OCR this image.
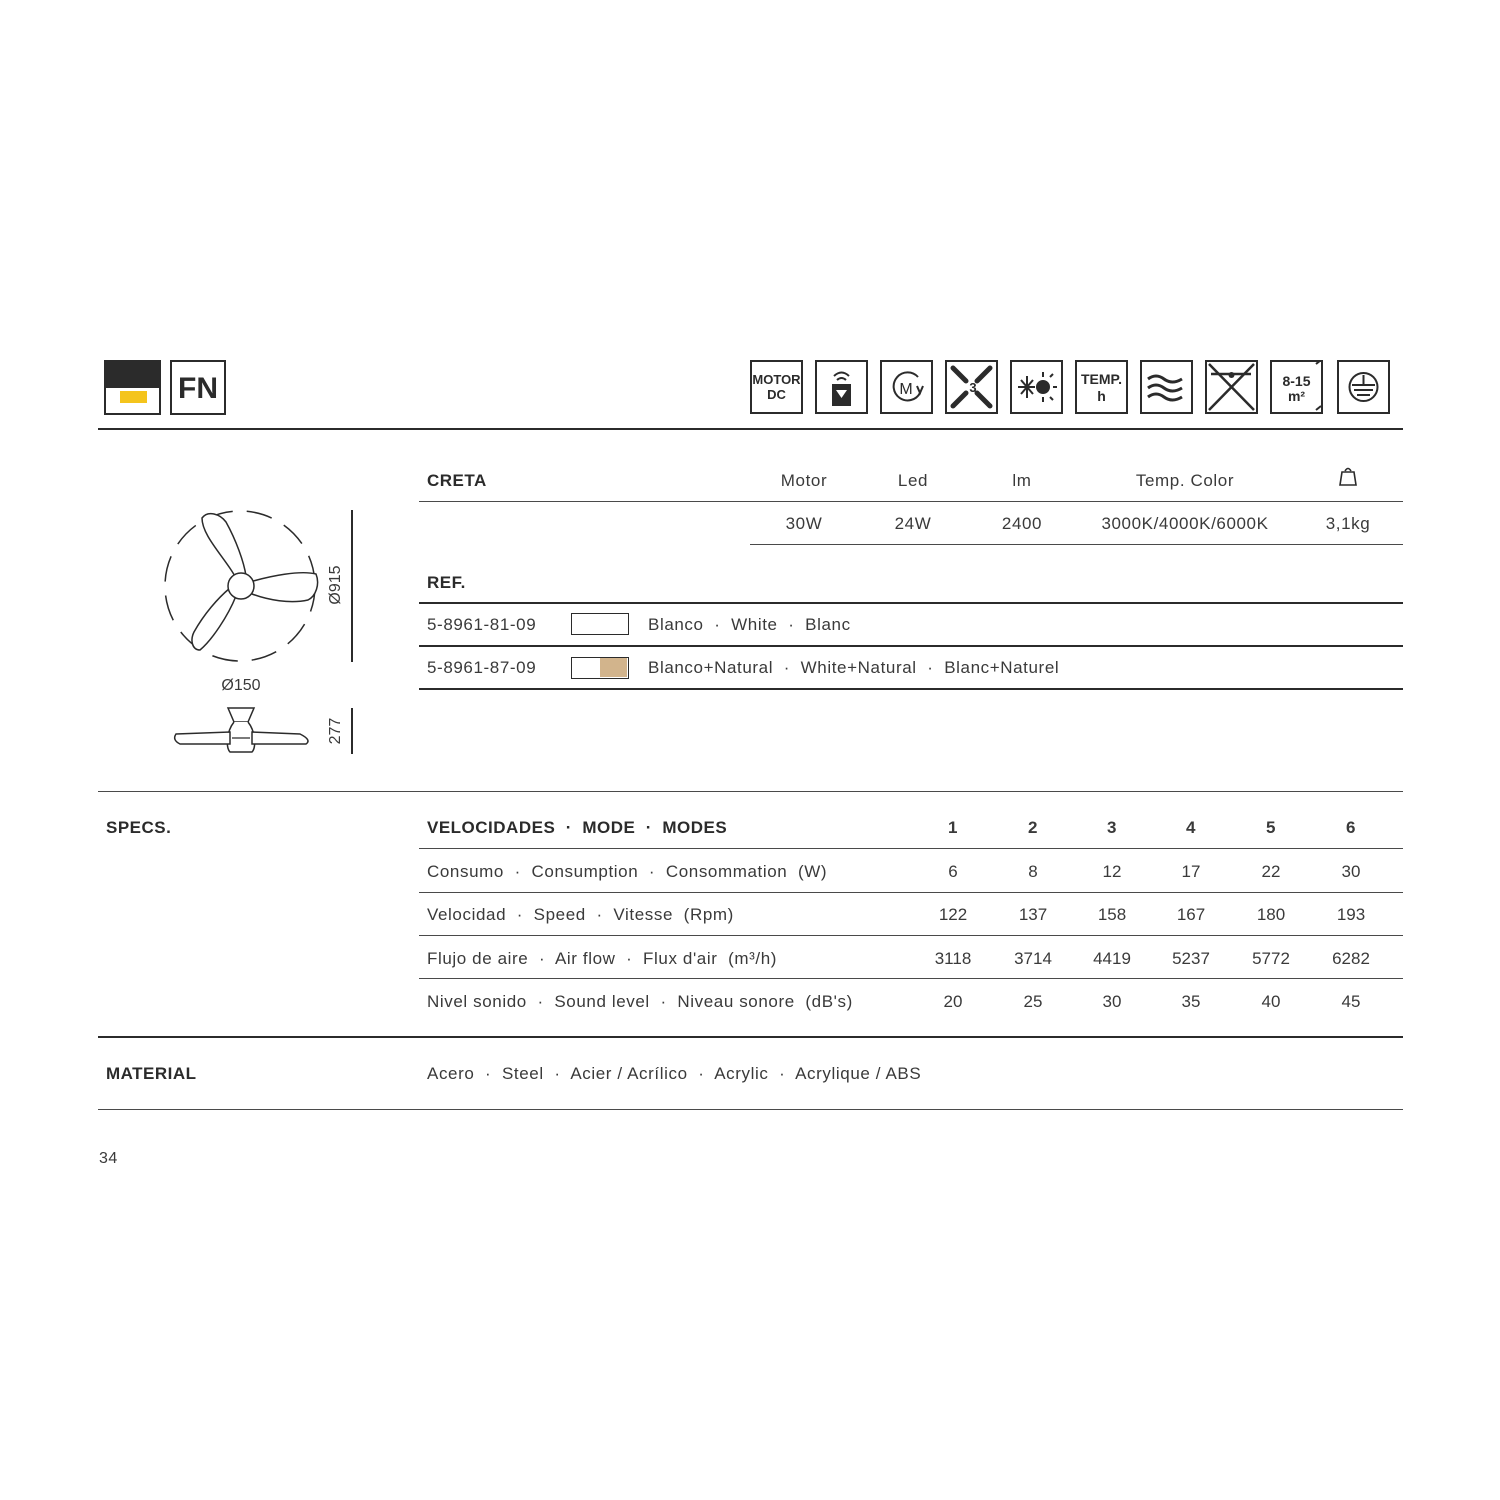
FN	MOTOR
DC	M	3
TEMP.
h
8-15
m²
Ø915
Ø150
277
CRETA	Motor	Led	lm	Temp. Color
30W	24W	2400	3000K/4000K/6000K	3,1kg
REF.
5-8961-81-09	Blanco  ·  White  ·  Blanc
5-8961-87-09	Blanco+Natural  ·  White+Natural  ·  Blanc+Naturel
SPECS.	VELOCIDADES  ·  MODE  ·  MODES	1	2	3	4	5	6
Consumo  ·  Consumption  ·  Consommation  (W)	6	8	12	17	22	30
Velocidad  ·  Speed  ·  Vitesse  (Rpm)	122	137	158	167	180	193
Flujo de aire  ·  Air flow  ·  Flux d'air  (m³/h)	3118	3714	4419	5237	5772	6282
Nivel sonido  ·  Sound level  ·  Niveau sonore  (dB's)	20	25	30	35	40	45
MATERIAL	Acero  ·  Steel  ·  Acier / Acrílico  ·  Acrylic  ·  Acrylique / ABS
34
